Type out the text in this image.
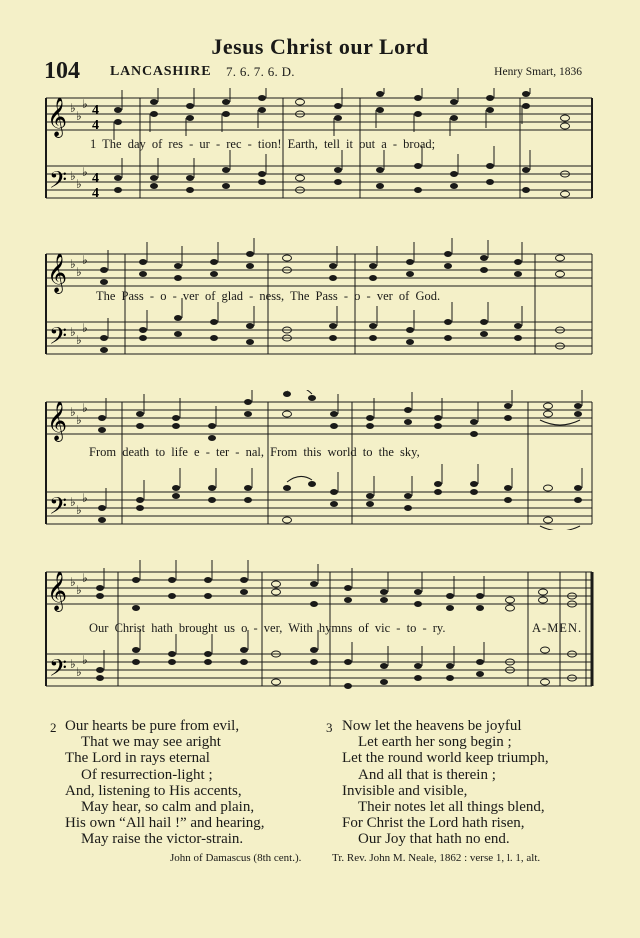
Jesus Christ our Lord
104 LANCASHIRE 7. 6. 7. 6. D.	Henry Smart, 1836
𝄞
𝄢
♭
♭
♭
♭
♭
♭
4
4
4
4
1 The day of res - ur - rec - tion! Earth, tell it out a - broad;
𝄞
𝄢
♭
♭
♭
♭
♭
♭
The Pass - o - ver of glad - ness, The Pass - o - ver of God.
𝄞
𝄢
♭
♭
♭
♭
♭
♭
From death to life e - ter - nal, From this world to the sky,
𝄞
𝄢
♭
♭
♭
♭
♭
♭
Our Christ hath brought us o - ver, With hymns of vic - to - ry.	A-MEN.
2 Our hearts be pure from evil,
That we may see aright
The Lord in rays eternal
Of resurrection-light ;
And, listening to His accents,
May hear, so calm and plain,
His own “All hail !” and hearing,
May raise the victor-strain.
3 Now let the heavens be joyful
Let earth her song begin ;
Let the round world keep triumph,
And all that is therein ;
Invisible and visible,
Their notes let all things blend,
For Christ the Lord hath risen,
Our Joy that hath no end.
John of Damascus (8th cent.).	Tr. Rev. John M. Neale, 1862 : verse 1, l. 1, alt.
